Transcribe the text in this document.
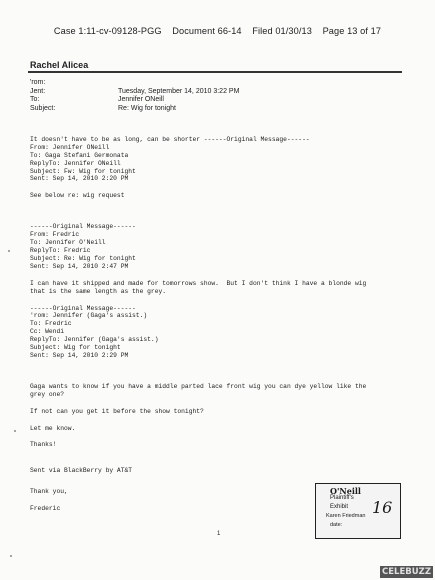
Case 1:11-cv-09128-PGG Document 66-14 Filed 01/30/13 Page 13 of 17
Rachel Alicea
'rom:
Jent:	Tuesday, September 14, 2010 3:22 PM
To:	Jennifer ONeill
Subject:	Re: Wig for tonight

It doesn't have to be as long, can be shorter ------Original Message------
From: Jennifer ONeill
To: Gaga Stefani Germonata
ReplyTo: Jennifer ONeill
Subject: Fw: Wig for tonight
Sent: Sep 14, 2010 2:20 PM
See below re: wig request
------Original Message------
From: Fredric
To: Jennifer O'Neill
ReplyTo: Fredric
Subject: Re: Wig for tonight
Sent: Sep 14, 2010 2:47 PM
I can have it shipped and made for tomorrows show.  But I don't think I have a blonde wig
that is the same length as the grey.
------Original Message------
'rom: Jennifer (Gaga's assist.)
To: Fredric
Cc: Wendi
ReplyTo: Jennifer (Gaga's assist.)
Subject: Wig for tonight
Sent: Sep 14, 2010 2:29 PM
Gaga wants to know if you have a middle parted lace front wig you can dye yellow like the
grey one?
If not can you get it before the show tonight?
Let me know.
Thanks!
Sent via BlackBerry by AT&T

Thank you,
Frederic
1
O'Neill
Plaintiff's
Exhibit
Karen Friedman
date:
16
CELEBUZZ
